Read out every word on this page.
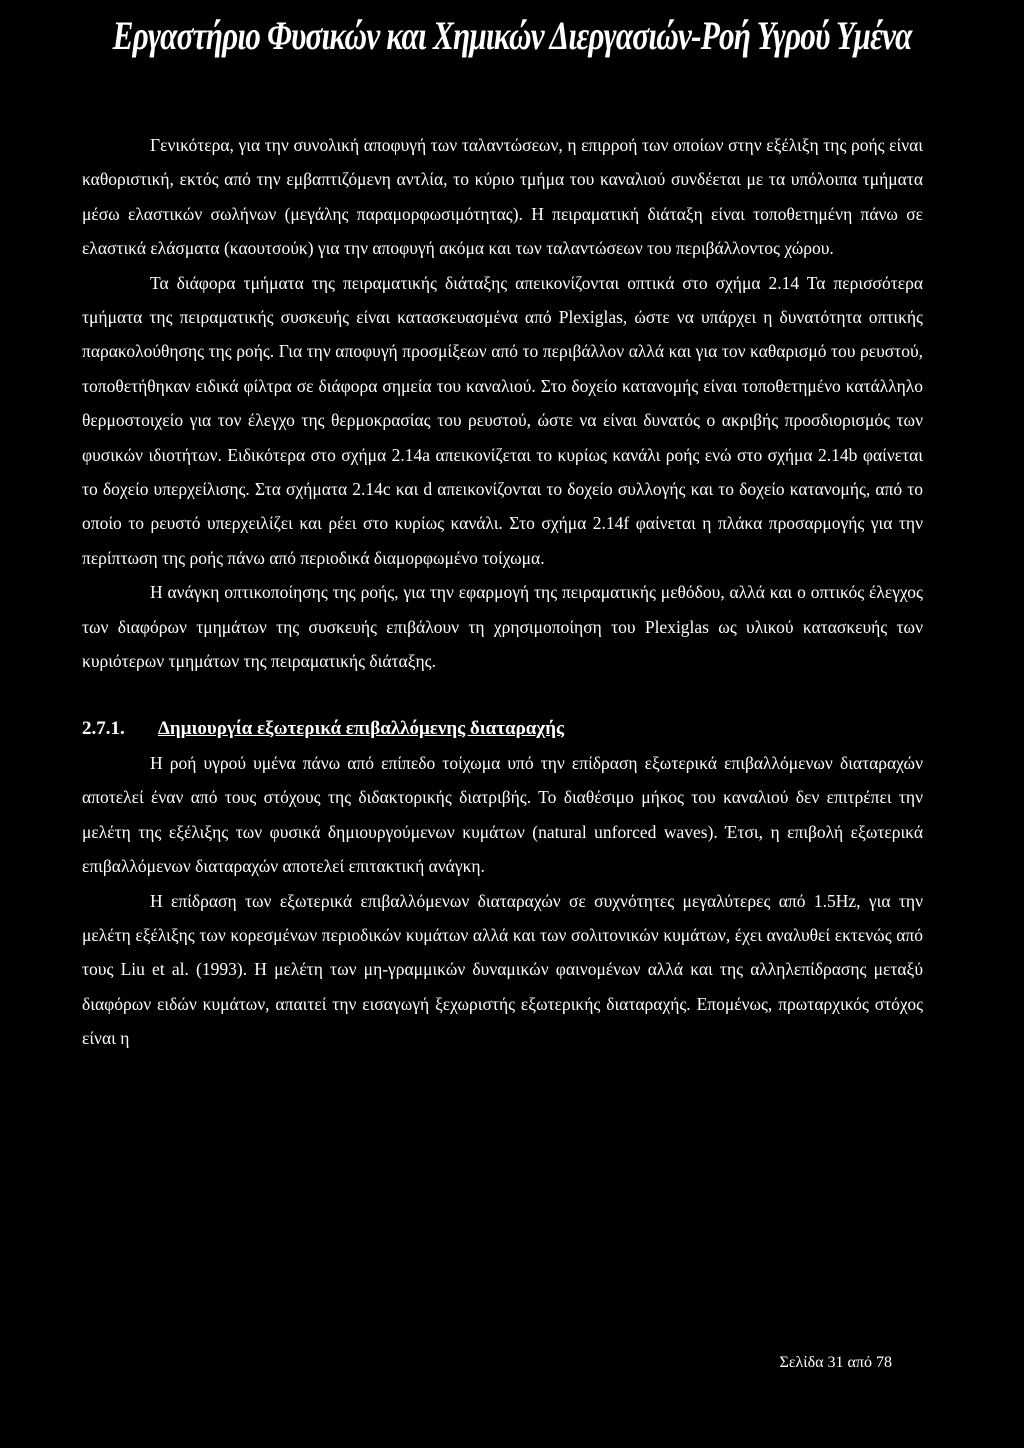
Εργαστήριο Φυσικών και Χημικών Διεργασιών-Ροή Υγρού Υμένα

Γενικότερα, για την συνολική αποφυγή των ταλαντώσεων, η επιρροή των οποίων στην εξέλιξη της ροής είναι καθοριστική, εκτός από την εμβαπτιζόμενη αντλία, το κύριο τμήμα του καναλιού συνδέεται με τα υπόλοιπα τμήματα μέσω ελαστικών σωλήνων (μεγάλης παραμορφωσιμότητας). Η πειραματική διάταξη είναι τοποθετημένη πάνω σε ελαστικά ελάσματα (καουτσούκ) για την αποφυγή ακόμα και των ταλαντώσεων του περιβάλλοντος χώρου.

Τα διάφορα τμήματα της πειραματικής διάταξης απεικονίζονται οπτικά στο σχήμα 2.14 Τα περισσότερα τμήματα της πειραματικής συσκευής είναι κατασκευασμένα από Plexiglas, ώστε να υπάρχει η δυνατότητα οπτικής παρακολούθησης της ροής. Για την αποφυγή προσμίξεων από το περιβάλλον αλλά και για τον καθαρισμό του ρευστού, τοποθετήθηκαν ειδικά φίλτρα σε διάφορα σημεία του καναλιού. Στο δοχείο κατανομής είναι τοποθετημένο κατάλληλο θερμοστοιχείο για τον έλεγχο της θερμοκρασίας του ρευστού, ώστε να είναι δυνατός ο ακριβής προσδιορισμός των φυσικών ιδιοτήτων. Ειδικότερα στο σχήμα 2.14a απεικονίζεται το κυρίως κανάλι ροής ενώ στο σχήμα 2.14b φαίνεται το δοχείο υπερχείλισης. Στα σχήματα 2.14c και d απεικονίζονται το δοχείο συλλογής και το δοχείο κατανομής, από το οποίο το ρευστό υπερχειλίζει και ρέει στο κυρίως κανάλι. Στο σχήμα 2.14f φαίνεται η πλάκα προσαρμογής για την περίπτωση της ροής πάνω από περιοδικά διαμορφωμένο τοίχωμα.

Η ανάγκη οπτικοποίησης της ροής, για την εφαρμογή της πειραματικής μεθόδου, αλλά και ο οπτικός έλεγχος των διαφόρων τμημάτων της συσκευής επιβάλουν τη χρησιμοποίηση του Plexiglas ως υλικού κατασκευής των κυριότερων τμημάτων της πειραματικής διάταξης.

2.7.1. Δημιουργία εξωτερικά επιβαλλόμενης διαταραχής

Η ροή υγρού υμένα πάνω από επίπεδο τοίχωμα υπό την επίδραση εξωτερικά επιβαλλόμενων διαταραχών αποτελεί έναν από τους στόχους της διδακτορικής διατριβής. Το διαθέσιμο μήκος του καναλιού δεν επιτρέπει την μελέτη της εξέλιξης των φυσικά δημιουργούμενων κυμάτων (natural unforced waves). Έτσι, η επιβολή εξωτερικά επιβαλλόμενων διαταραχών αποτελεί επιτακτική ανάγκη.

Η επίδραση των εξωτερικά επιβαλλόμενων διαταραχών σε συχνότητες μεγαλύτερες από 1.5Hz, για την μελέτη εξέλιξης των κορεσμένων περιοδικών κυμάτων αλλά και των σολιτονικών κυμάτων, έχει αναλυθεί εκτενώς από τους Liu et al. (1993). Η μελέτη των μη-γραμμικών δυναμικών φαινομένων αλλά και της αλληλεπίδρασης μεταξύ διαφόρων ειδών κυμάτων, απαιτεί την εισαγωγή ξεχωριστής εξωτερικής διαταραχής. Επομένως, πρωταρχικός στόχος είναι η

Σελίδα 31 από 78
